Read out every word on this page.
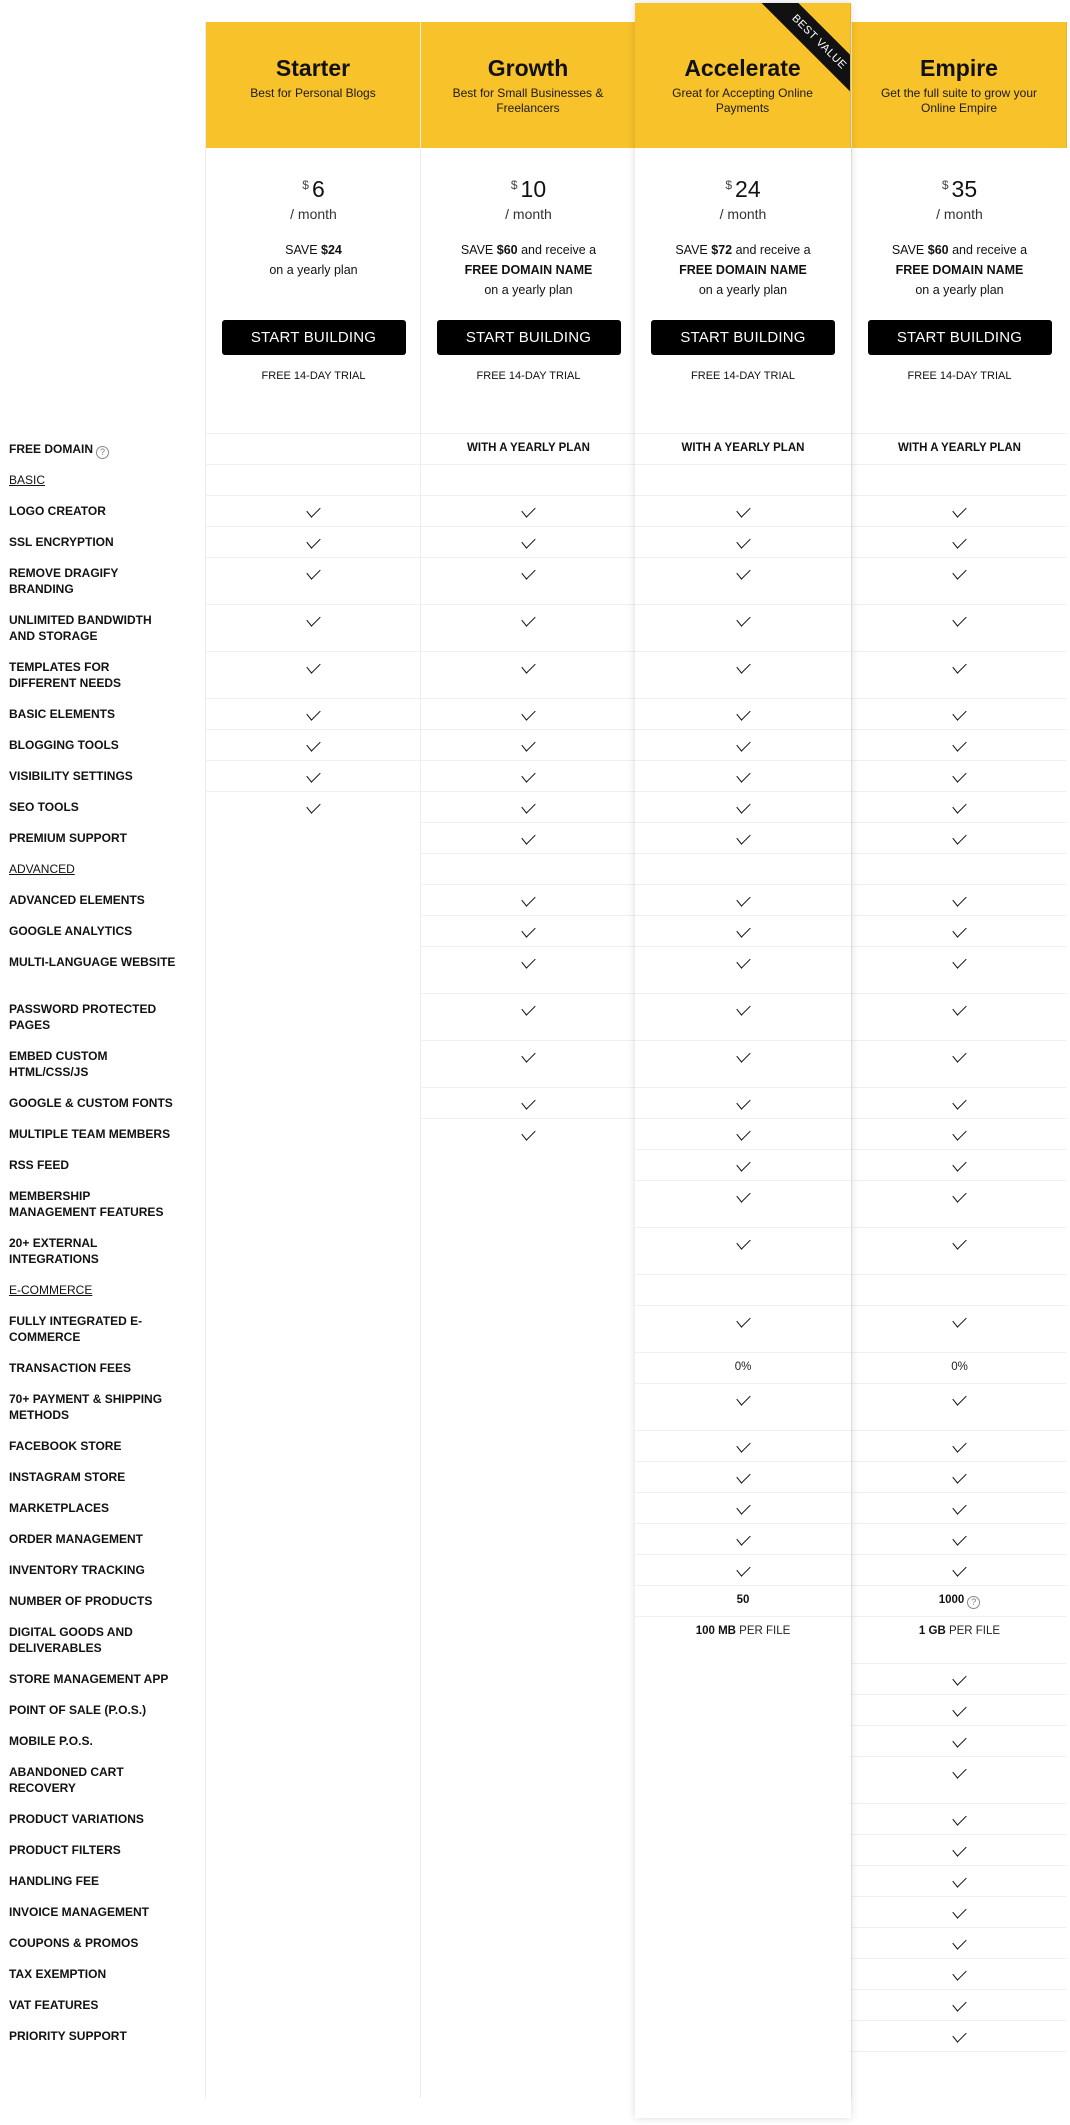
FREE DOMAIN ?
BASIC
LOGO CREATOR
SSL ENCRYPTION
REMOVE DRAGIFY BRANDING
UNLIMITED BANDWIDTH AND STORAGE
TEMPLATES FOR DIFFERENT NEEDS
BASIC ELEMENTS
BLOGGING TOOLS
VISIBILITY SETTINGS
SEO TOOLS
PREMIUM SUPPORT
ADVANCED
ADVANCED ELEMENTS
GOOGLE ANALYTICS
MULTI-LANGUAGE WEBSITE
PASSWORD PROTECTED PAGES
EMBED CUSTOM HTML/CSS/JS
GOOGLE & CUSTOM FONTS
MULTIPLE TEAM MEMBERS
RSS FEED
MEMBERSHIP MANAGEMENT FEATURES
20+ EXTERNAL INTEGRATIONS
E-COMMERCE
FULLY INTEGRATED E-COMMERCE
TRANSACTION FEES
70+ PAYMENT & SHIPPING METHODS
FACEBOOK STORE
INSTAGRAM STORE
MARKETPLACES
ORDER MANAGEMENT
INVENTORY TRACKING
NUMBER OF PRODUCTS
DIGITAL GOODS AND DELIVERABLES
STORE MANAGEMENT APP
POINT OF SALE (P.O.S.)
MOBILE P.O.S.
ABANDONED CART RECOVERY
PRODUCT VARIATIONS
PRODUCT FILTERS
HANDLING FEE
INVOICE MANAGEMENT
COUPONS & PROMOS
TAX EXEMPTION
VAT FEATURES
PRIORITY SUPPORT
Starter
Best for Personal Blogs
$ 6
/ month
SAVE $24
on a yearly plan
START BUILDING
FREE 14-DAY TRIAL
Growth
Best for Small Businesses & Freelancers
$ 10
/ month
SAVE $60 and receive a
FREE DOMAIN NAME
on a yearly plan
START BUILDING
FREE 14-DAY TRIAL
WITH A YEARLY PLAN
Accelerate
Great for Accepting Online Payments
BEST VALUE
$ 24
/ month
SAVE $72 and receive a
FREE DOMAIN NAME
on a yearly plan
START BUILDING
FREE 14-DAY TRIAL
WITH A YEARLY PLAN
0%
50
100 MB PER FILE
Empire
Get the full suite to grow your Online Empire
$ 35
/ month
SAVE $60 and receive a
FREE DOMAIN NAME
on a yearly plan
START BUILDING
FREE 14-DAY TRIAL
WITH A YEARLY PLAN
0%
1000 ?
1 GB PER FILE
